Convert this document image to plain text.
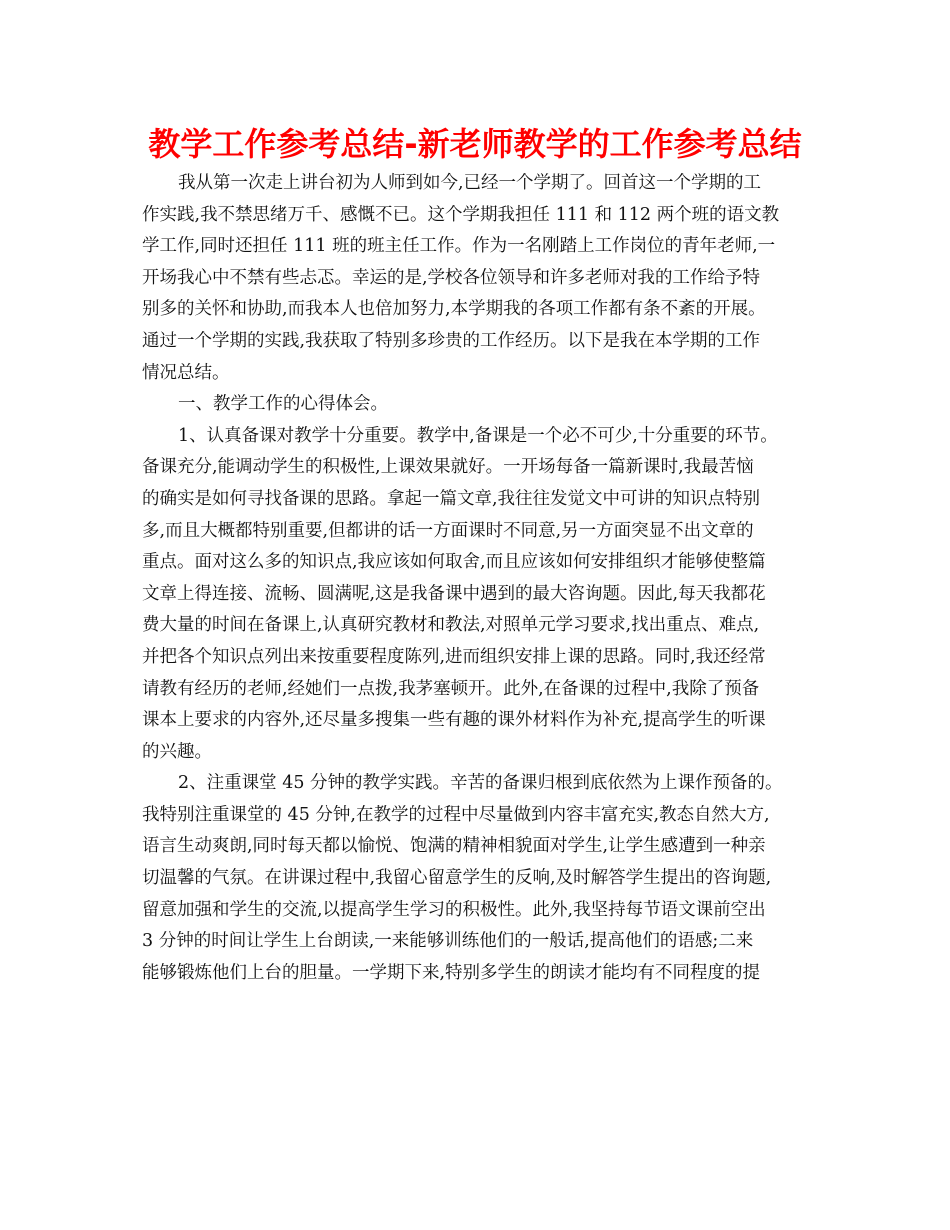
教学工作参考总结-新老师教学的工作参考总结
我从第一次走上讲台初为人师到如今,已经一个学期了。回首这一个学期的工
作实践,我不禁思绪万千、感慨不已。这个学期我担任 111 和 112 两个班的语文教
学工作,同时还担任 111 班的班主任工作。作为一名刚踏上工作岗位的青年老师,一
开场我心中不禁有些忐忑。幸运的是,学校各位领导和许多老师对我的工作给予特
别多的关怀和协助,而我本人也倍加努力,本学期我的各项工作都有条不紊的开展。
通过一个学期的实践,我获取了特别多珍贵的工作经历。以下是我在本学期的工作
情况总结。
一、教学工作的心得体会。
1、认真备课对教学十分重要。教学中,备课是一个必不可少,十分重要的环节。
备课充分,能调动学生的积极性,上课效果就好。一开场每备一篇新课时,我最苦恼
的确实是如何寻找备课的思路。拿起一篇文章,我往往发觉文中可讲的知识点特别
多,而且大概都特别重要,但都讲的话一方面课时不同意,另一方面突显不出文章的
重点。面对这么多的知识点,我应该如何取舍,而且应该如何安排组织才能够使整篇
文章上得连接、流畅、圆满呢,这是我备课中遇到的最大咨询题。因此,每天我都花
费大量的时间在备课上,认真研究教材和教法,对照单元学习要求,找出重点、难点,
并把各个知识点列出来按重要程度陈列,进而组织安排上课的思路。同时,我还经常
请教有经历的老师,经她们一点拨,我茅塞顿开。此外,在备课的过程中,我除了预备
课本上要求的内容外,还尽量多搜集一些有趣的课外材料作为补充,提高学生的听课
的兴趣。
2、注重课堂 45 分钟的教学实践。辛苦的备课归根到底依然为上课作预备的。
我特别注重课堂的 45 分钟,在教学的过程中尽量做到内容丰富充实,教态自然大方,
语言生动爽朗,同时每天都以愉悦、饱满的精神相貌面对学生,让学生感遭到一种亲
切温馨的气氛。在讲课过程中,我留心留意学生的反响,及时解答学生提出的咨询题,
留意加强和学生的交流,以提高学生学习的积极性。此外,我坚持每节语文课前空出
3 分钟的时间让学生上台朗读,一来能够训练他们的一般话,提高他们的语感;二来
能够锻炼他们上台的胆量。一学期下来,特别多学生的朗读才能均有不同程度的提
